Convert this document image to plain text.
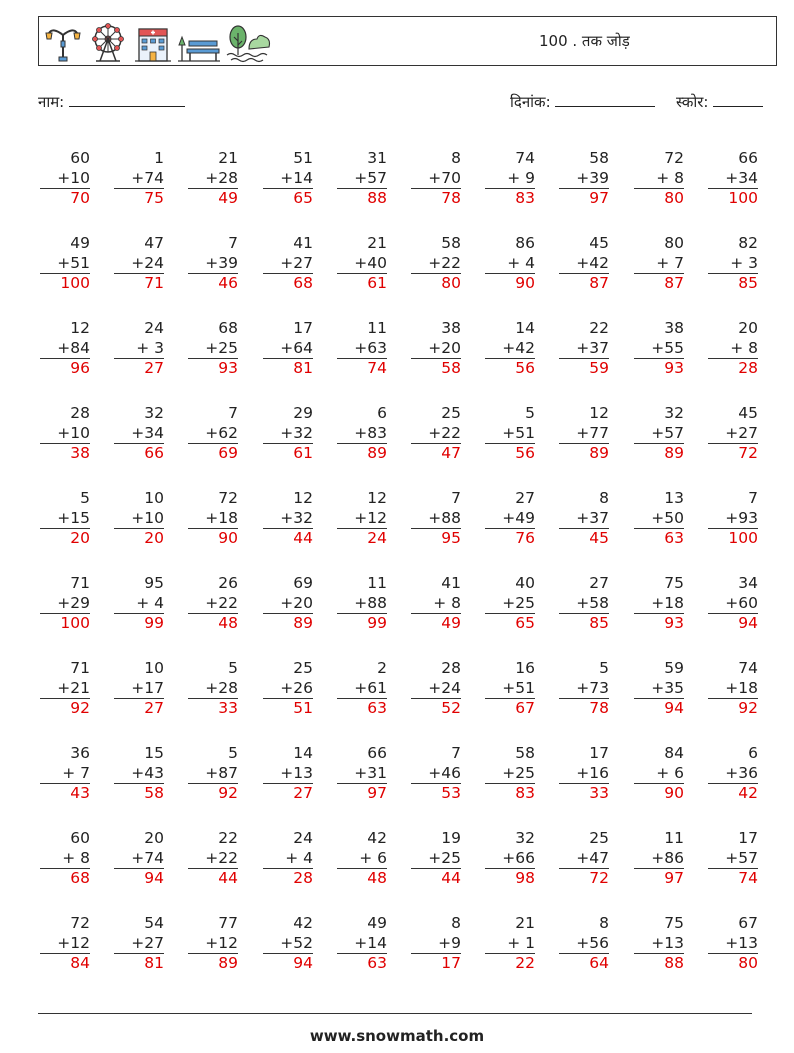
100 . तक जोड़
नाम:	दिनांक:	स्कोर:
60
+10
70
1
+74
75
21
+28
49
51
+14
65
31
+57
88
8
+70
78
74
+ 9
83
58
+39
97
72
+ 8
80
66
+34
100
49
+51
100
47
+24
71
7
+39
46
41
+27
68
21
+40
61
58
+22
80
86
+ 4
90
45
+42
87
80
+ 7
87
82
+ 3
85
12
+84
96
24
+ 3
27
68
+25
93
17
+64
81
11
+63
74
38
+20
58
14
+42
56
22
+37
59
38
+55
93
20
+ 8
28
28
+10
38
32
+34
66
7
+62
69
29
+32
61
6
+83
89
25
+22
47
5
+51
56
12
+77
89
32
+57
89
45
+27
72
5
+15
20
10
+10
20
72
+18
90
12
+32
44
12
+12
24
7
+88
95
27
+49
76
8
+37
45
13
+50
63
7
+93
100
71
+29
100
95
+ 4
99
26
+22
48
69
+20
89
11
+88
99
41
+ 8
49
40
+25
65
27
+58
85
75
+18
93
34
+60
94
71
+21
92
10
+17
27
5
+28
33
25
+26
51
2
+61
63
28
+24
52
16
+51
67
5
+73
78
59
+35
94
74
+18
92
36
+ 7
43
15
+43
58
5
+87
92
14
+13
27
66
+31
97
7
+46
53
58
+25
83
17
+16
33
84
+ 6
90
6
+36
42
60
+ 8
68
20
+74
94
22
+22
44
24
+ 4
28
42
+ 6
48
19
+25
44
32
+66
98
25
+47
72
11
+86
97
17
+57
74
72
+12
84
54
+27
81
77
+12
89
42
+52
94
49
+14
63
8
+9
17
21
+ 1
22
8
+56
64
75
+13
88
67
+13
80
www.snowmath.com
